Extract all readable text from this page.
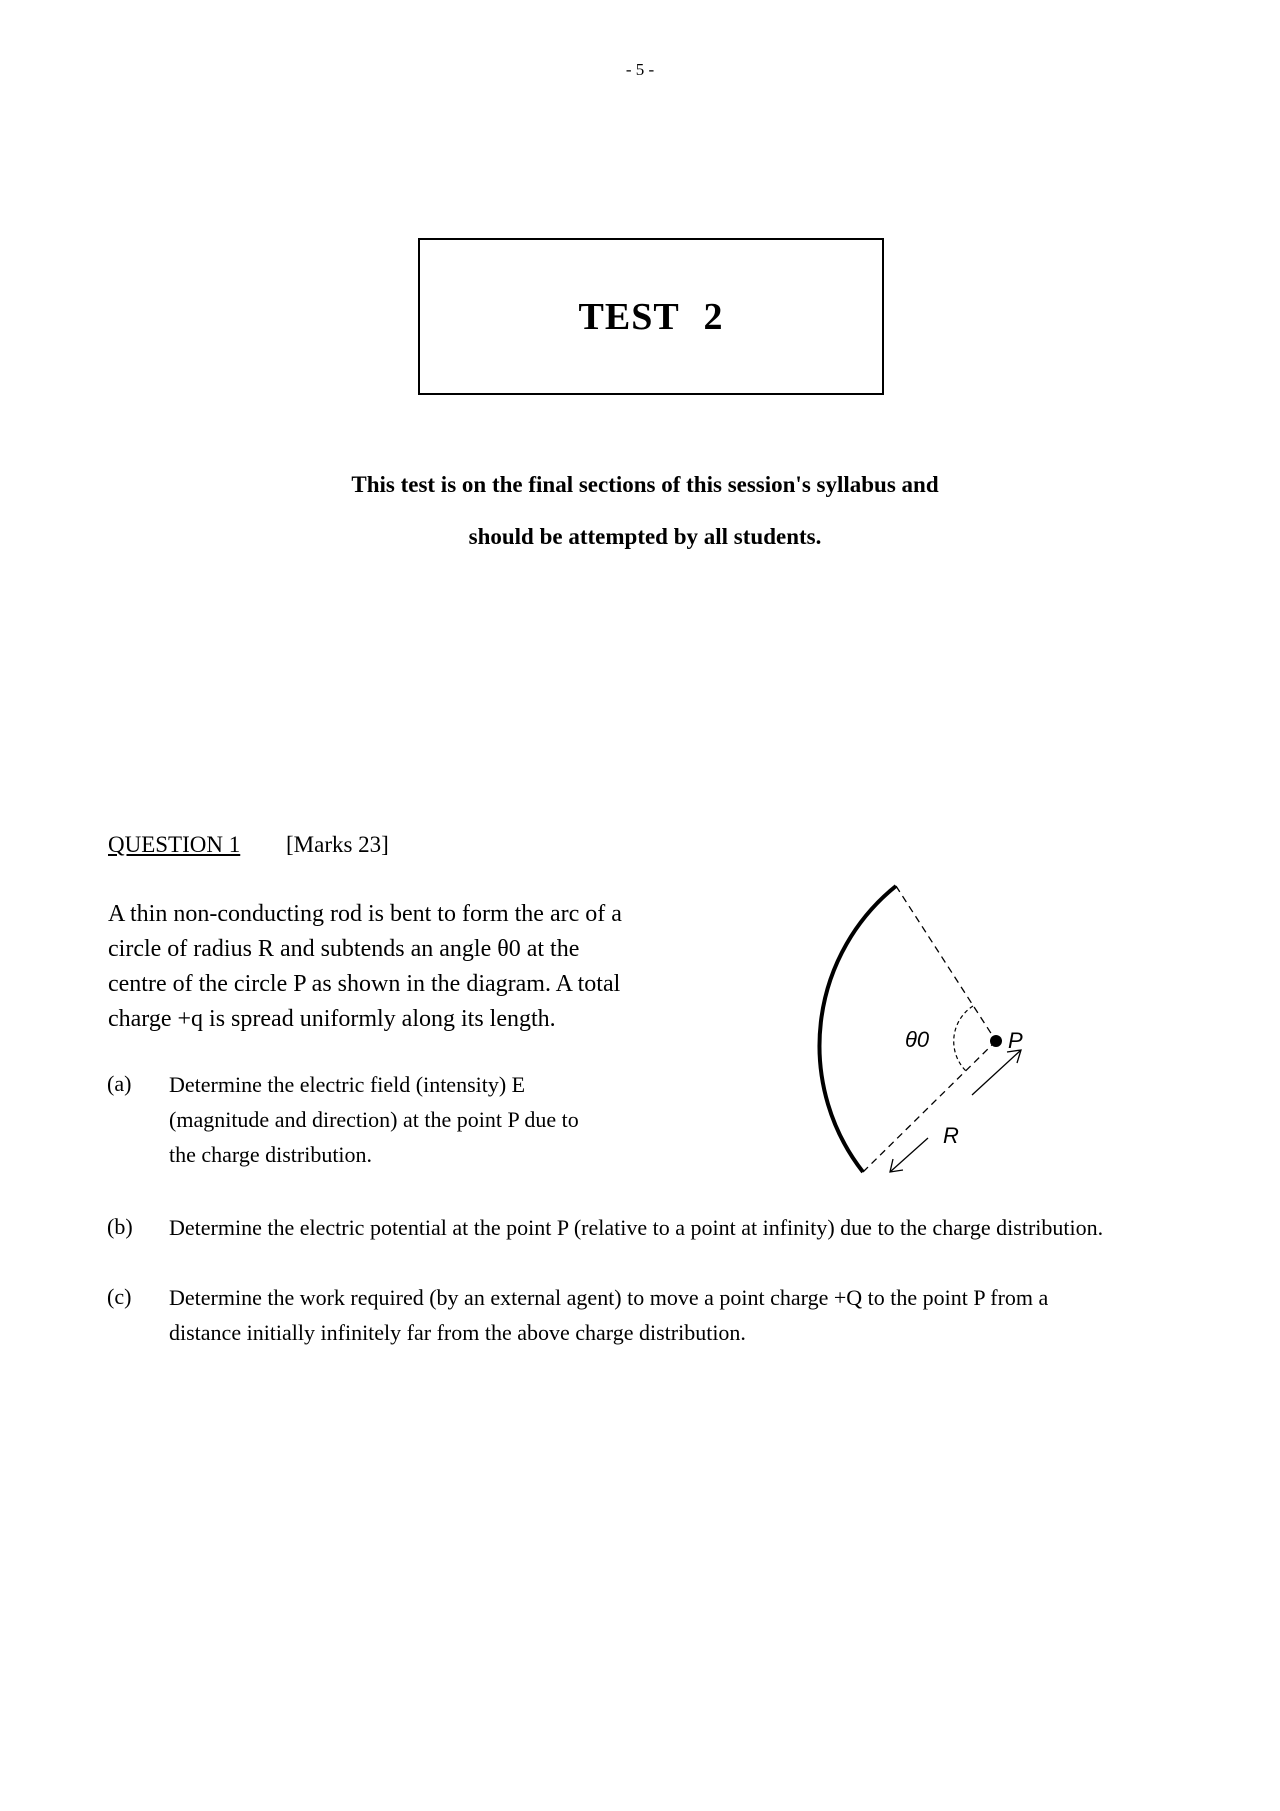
- 5 -
TEST 2
This test is on the final sections of this session's syllabus and
should be attempted by all students.
QUESTION 1 [Marks 23]
A thin non-conducting rod is bent to form the arc of a
circle of radius R and subtends an angle θ0 at the
centre of the circle P as shown in the diagram. A total
charge +q is spread uniformly along its length.
(a) Determine the electric field (intensity) E
(magnitude and direction) at the point P due to
the charge distribution.
(b) Determine the electric potential at the point P (relative to a point at infinity) due to the charge distribution.
(c) Determine the work required (by an external agent) to move a point charge +Q to the point P from a
distance initially infinitely far from the above charge distribution.
θ0	P
R
